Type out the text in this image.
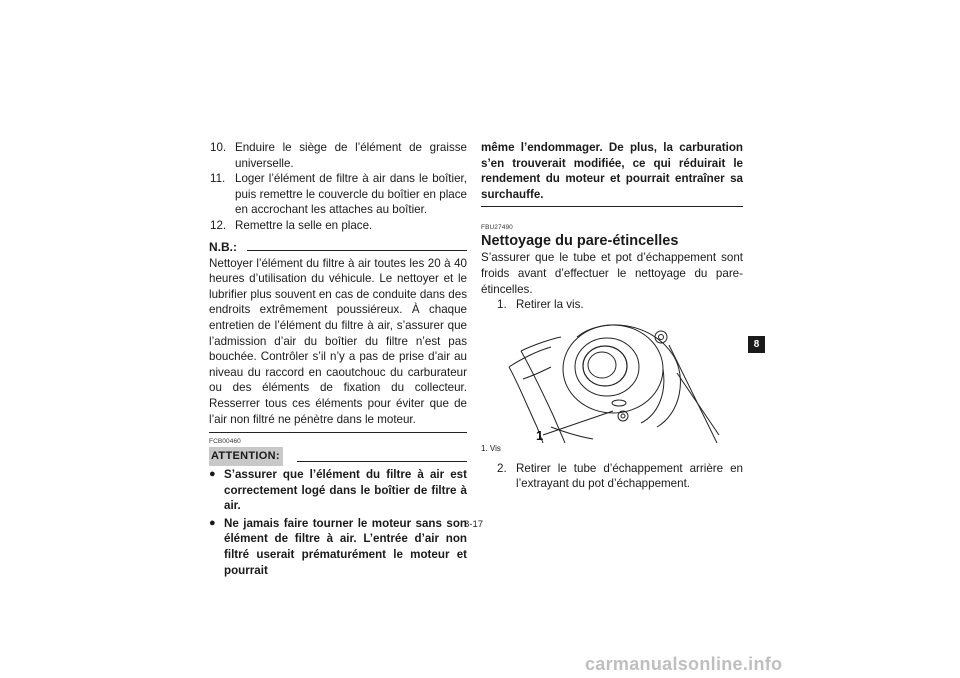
10. Enduire le siège de l’élément de graisse universelle.
11. Loger l’élément de filtre à air dans le boîtier, puis remettre le couvercle du boîtier en place en accrochant les attaches au boîtier.
12. Remettre la selle en place.
N.B.:
Nettoyer l’élément du filtre à air toutes les 20 à 40 heures d’utilisation du véhicule. Le nettoyer et le lubrifier plus souvent en cas de conduite dans des endroits extrêmement poussiéreux. À chaque entretien de l’élément du filtre à air, s’assurer que l’admission d’air du boîtier du filtre n’est pas bouchée. Contrôler s’il n’y a pas de prise d’air au niveau du raccord en caoutchouc du carburateur ou des éléments de fixation du collecteur. Resserrer tous ces éléments pour éviter que de l’air non filtré ne pénètre dans le moteur.
FCB00460
ATTENTION:
● S’assurer que l’élément du filtre à air est correctement logé dans le boîtier de filtre à air.
● Ne jamais faire tourner le moteur sans son élément de filtre à air. L’entrée d’air non filtré userait prématurément le moteur et pourrait
même l’endommager. De plus, la carburation s’en trouverait modifiée, ce qui réduirait le rendement du moteur et pourrait entraîner sa surchauffe.
FBU27490
Nettoyage du pare-étincelles
S’assurer que le tube et pot d’échappement sont froids avant d’effectuer le nettoyage du pare-étincelles.
1. Retirer la vis.
1
1. Vis
2. Retirer le tube d’échappement arrière en l’extrayant du pot d’échappement.
8
8-17
carmanualsonline.info
